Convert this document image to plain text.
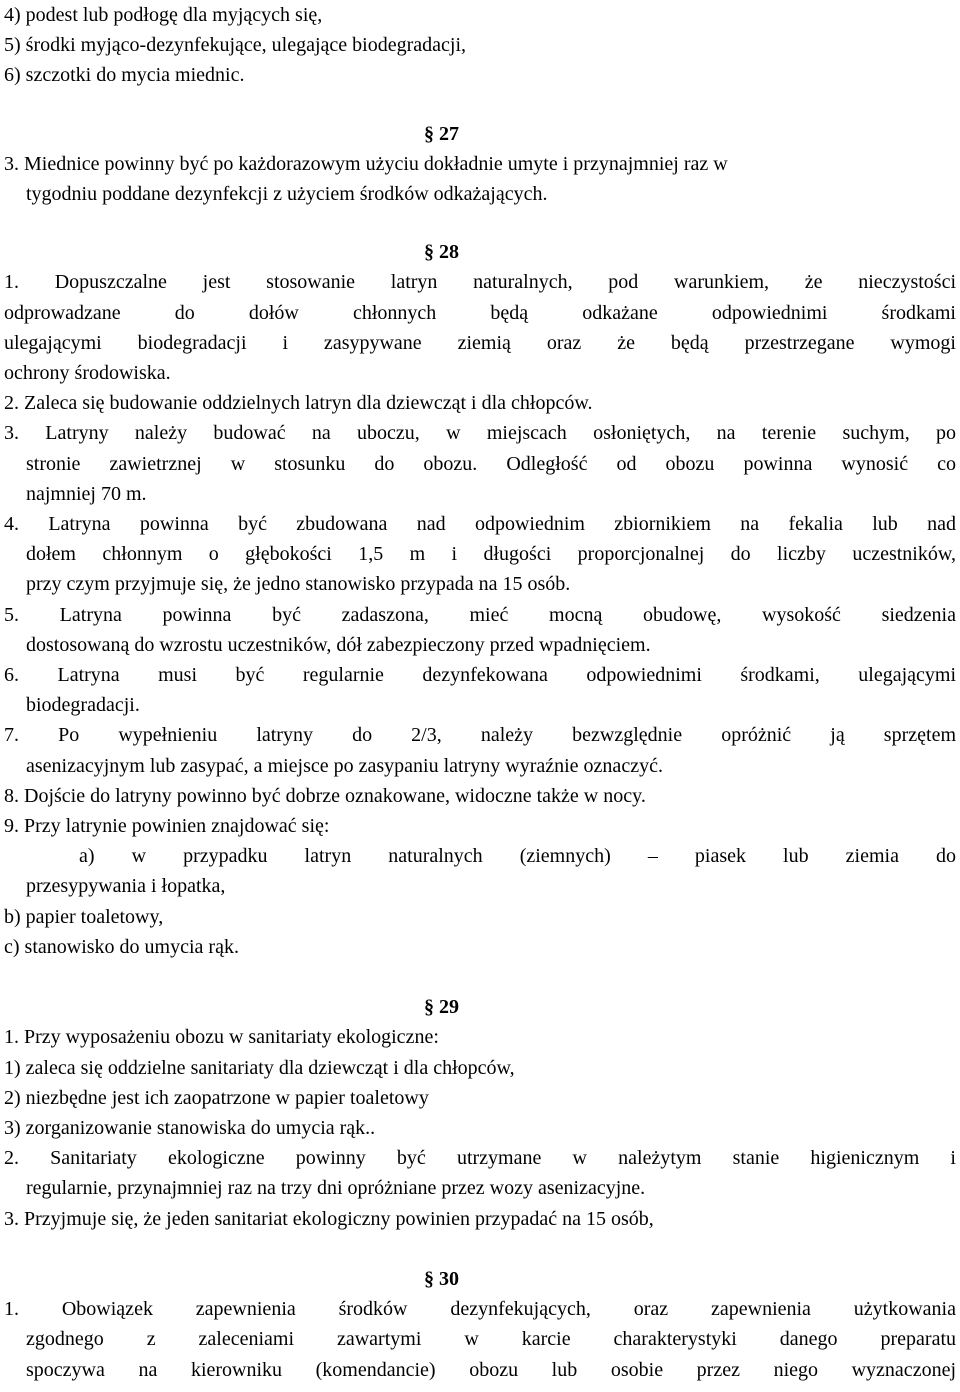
4) podest lub podłogę dla myjących się,
5) środki myjąco-dezynfekujące, ulegające biodegradacji,
6) szczotki do mycia miednic.
§ 27
3. Miednice powinny być po każdorazowym użyciu dokładnie umyte i przynajmniej raz w
tygodniu poddane dezynfekcji z użyciem środków odkażających.
§ 28
1. Dopuszczalne jest stosowanie latryn naturalnych, pod warunkiem, że nieczystości
odprowadzane do dołów chłonnych będą odkażane odpowiednimi środkami
ulegającymi biodegradacji i zasypywane ziemią oraz że będą przestrzegane wymogi
ochrony środowiska.
2. Zaleca się budowanie oddzielnych latryn dla dziewcząt i dla chłopców.
3. Latryny należy budować na uboczu, w miejscach osłoniętych, na terenie suchym, po
stronie zawietrznej w stosunku do obozu. Odległość od obozu powinna wynosić co
najmniej 70 m.
4. Latryna powinna być zbudowana nad odpowiednim zbiornikiem na fekalia lub nad
dołem chłonnym o głębokości 1,5 m i długości proporcjonalnej do liczby uczestników,
przy czym przyjmuje się, że jedno stanowisko przypada na 15 osób.
5. Latryna powinna być zadaszona, mieć mocną obudowę, wysokość siedzenia
dostosowaną do wzrostu uczestników, dół zabezpieczony przed wpadnięciem.
6. Latryna musi być regularnie dezynfekowana odpowiednimi środkami, ulegającymi
biodegradacji.
7. Po wypełnieniu latryny do 2/3, należy bezwzględnie opróżnić ją sprzętem
asenizacyjnym lub zasypać, a miejsce po zasypaniu latryny wyraźnie oznaczyć.
8. Dojście do latryny powinno być dobrze oznakowane, widoczne także w nocy.
9. Przy latrynie powinien znajdować się:
a) w przypadku latryn naturalnych (ziemnych) – piasek lub ziemia do
przesypywania i łopatka,
b) papier toaletowy,
c) stanowisko do umycia rąk.
§ 29
1. Przy wyposażeniu obozu w sanitariaty ekologiczne:
1) zaleca się oddzielne sanitariaty dla dziewcząt i dla chłopców,
2) niezbędne jest ich zaopatrzone w papier toaletowy
3) zorganizowanie stanowiska do umycia rąk..
2. Sanitariaty ekologiczne powinny być utrzymane w należytym stanie higienicznym i
regularnie, przynajmniej raz na trzy dni opróżniane przez wozy asenizacyjne.
3. Przyjmuje się, że jeden sanitariat ekologiczny powinien przypadać na 15 osób,
§ 30
1. Obowiązek zapewnienia środków dezynfekujących, oraz zapewnienia użytkowania
zgodnego z zaleceniami zawartymi w karcie charakterystyki danego preparatu
spoczywa na kierowniku (komendancie) obozu lub osobie przez niego wyznaczonej
